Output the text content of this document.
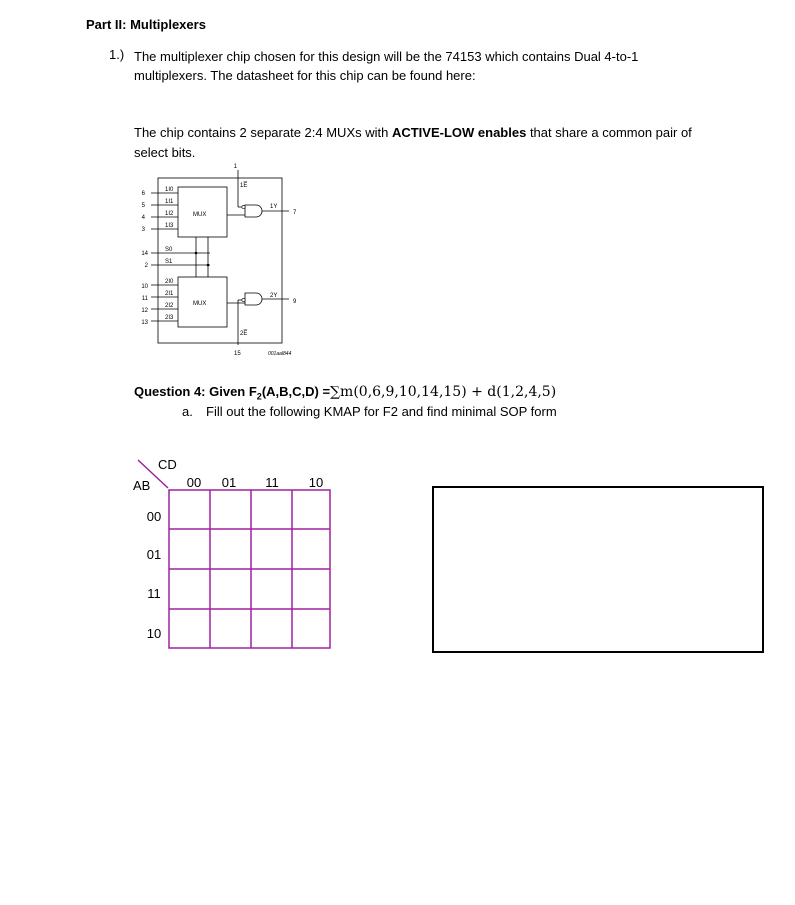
Part II: Multiplexers
1.) The multiplexer chip chosen for this design will be the 74153 which contains Dual 4-to-1
multiplexers. The datasheet for this chip can be found here:
The chip contains 2 separate 2:4 MUXs with ACTIVE-LOW enables that share a common pair of
select bits.
1I0
1I1
1I2
1I3
S0
S1
2I0
2I1
2I2
2I3
6
5
4
3
14
2
10
11
12
13
MUX
MUX
1
1E̅
2E̅
15
1Y
7
2Y
9
001aal844
Question 4: Given $F_2(A,B,C,D) =\sum m(0,6,9,10,14,15) + d(1,2,4,5)$
a. Fill out the following KMAP for F2 and find minimal SOP form
CD
AB	00 01 11 10
00
01
11
10
